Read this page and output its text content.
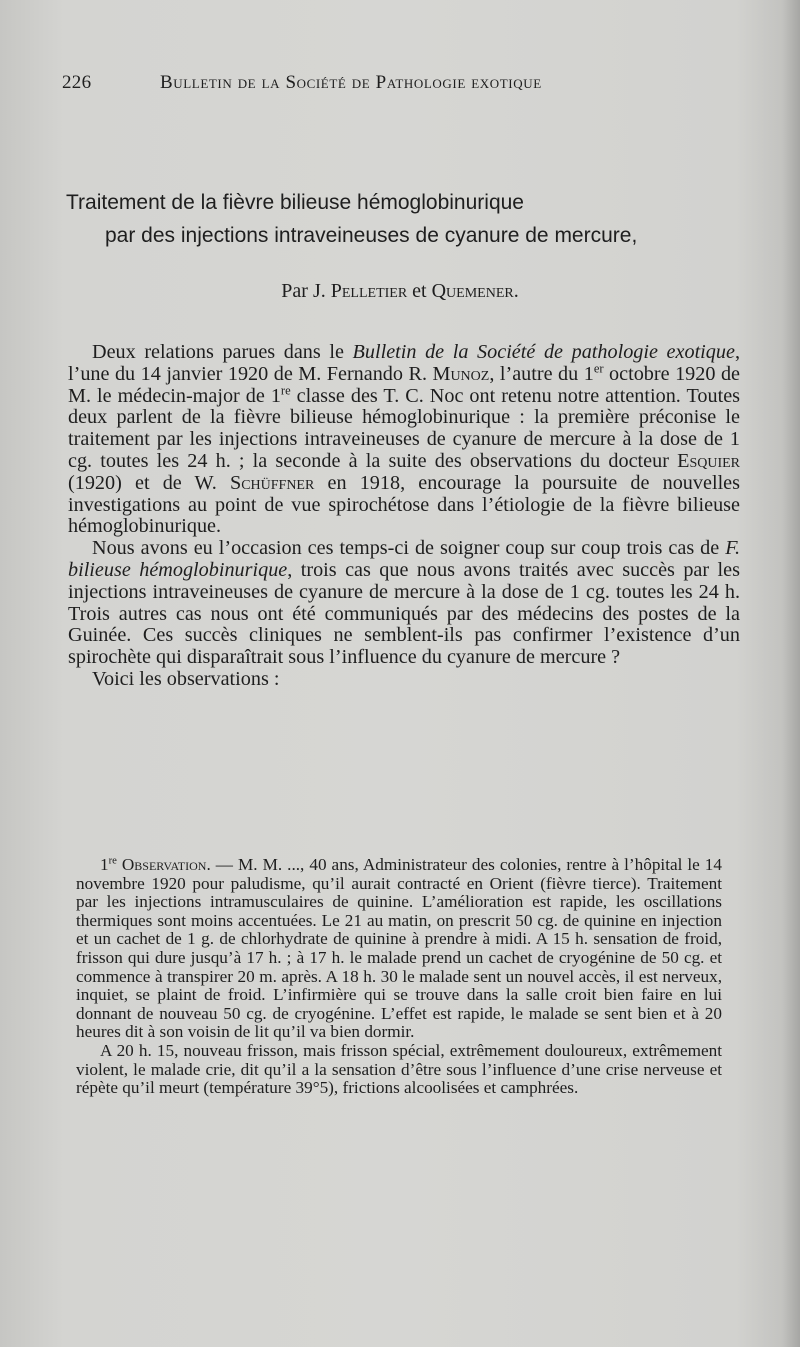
226	Bulletin de la Société de Pathologie exotique
Traitement de la fièvre bilieuse hémoglobinurique
par des injections intraveineuses de cyanure de mercure,
Par J. Pelletier et Quemener.

Deux relations parues dans le Bulletin de la Société de pathologie exotique, l’une du 14 janvier 1920 de M. Fernando R. Munoz, l’autre du 1er octobre 1920 de M. le médecin-major de 1re classe des T. C. Noc ont retenu notre attention. Toutes deux parlent de la fièvre bilieuse hémoglobinurique : la première préconise le traitement par les injections intraveineuses de cyanure de mercure à la dose de 1 cg. toutes les 24 h. ; la seconde à la suite des observations du docteur Esquier (1920) et de W. Schüffner en 1918, encourage la poursuite de nouvelles investigations au point de vue spirochétose dans l’étiologie de la fièvre bilieuse hémoglobinurique.

Nous avons eu l’occasion ces temps-ci de soigner coup sur coup trois cas de F. bilieuse hémoglobinurique, trois cas que nous avons traités avec succès par les injections intraveineuses de cyanure de mercure à la dose de 1 cg. toutes les 24 h. Trois autres cas nous ont été communiqués par des médecins des postes de la Guinée. Ces succès cliniques ne semblent-ils pas confirmer l’existence d’un spirochète qui disparaîtrait sous l’influence du cyanure de mercure ?

Voici les observations :

1re Observation. — M. M. ..., 40 ans, Administrateur des colonies, rentre à l’hôpital le 14 novembre 1920 pour paludisme, qu’il aurait contracté en Orient (fièvre tierce). Traitement par les injections intramusculaires de quinine. L’amélioration est rapide, les oscillations thermiques sont moins accentuées. Le 21 au matin, on prescrit 50 cg. de quinine en injection et un cachet de 1 g. de chlorhydrate de quinine à prendre à midi. A 15 h. sensation de froid, frisson qui dure jusqu’à 17 h. ; à 17 h. le malade prend un cachet de cryogénine de 50 cg. et commence à transpirer 20 m. après. A 18 h. 30 le malade sent un nouvel accès, il est nerveux, inquiet, se plaint de froid. L’infirmière qui se trouve dans la salle croit bien faire en lui donnant de nouveau 50 cg. de cryogénine. L’effet est rapide, le malade se sent bien et à 20 heures dit à son voisin de lit qu’il va bien dormir.

A 20 h. 15, nouveau frisson, mais frisson spécial, extrêmement douloureux, extrêmement violent, le malade crie, dit qu’il a la sensation d’être sous l’influence d’une crise nerveuse et répète qu’il meurt (température 39°5), frictions alcoolisées et camphrées.
